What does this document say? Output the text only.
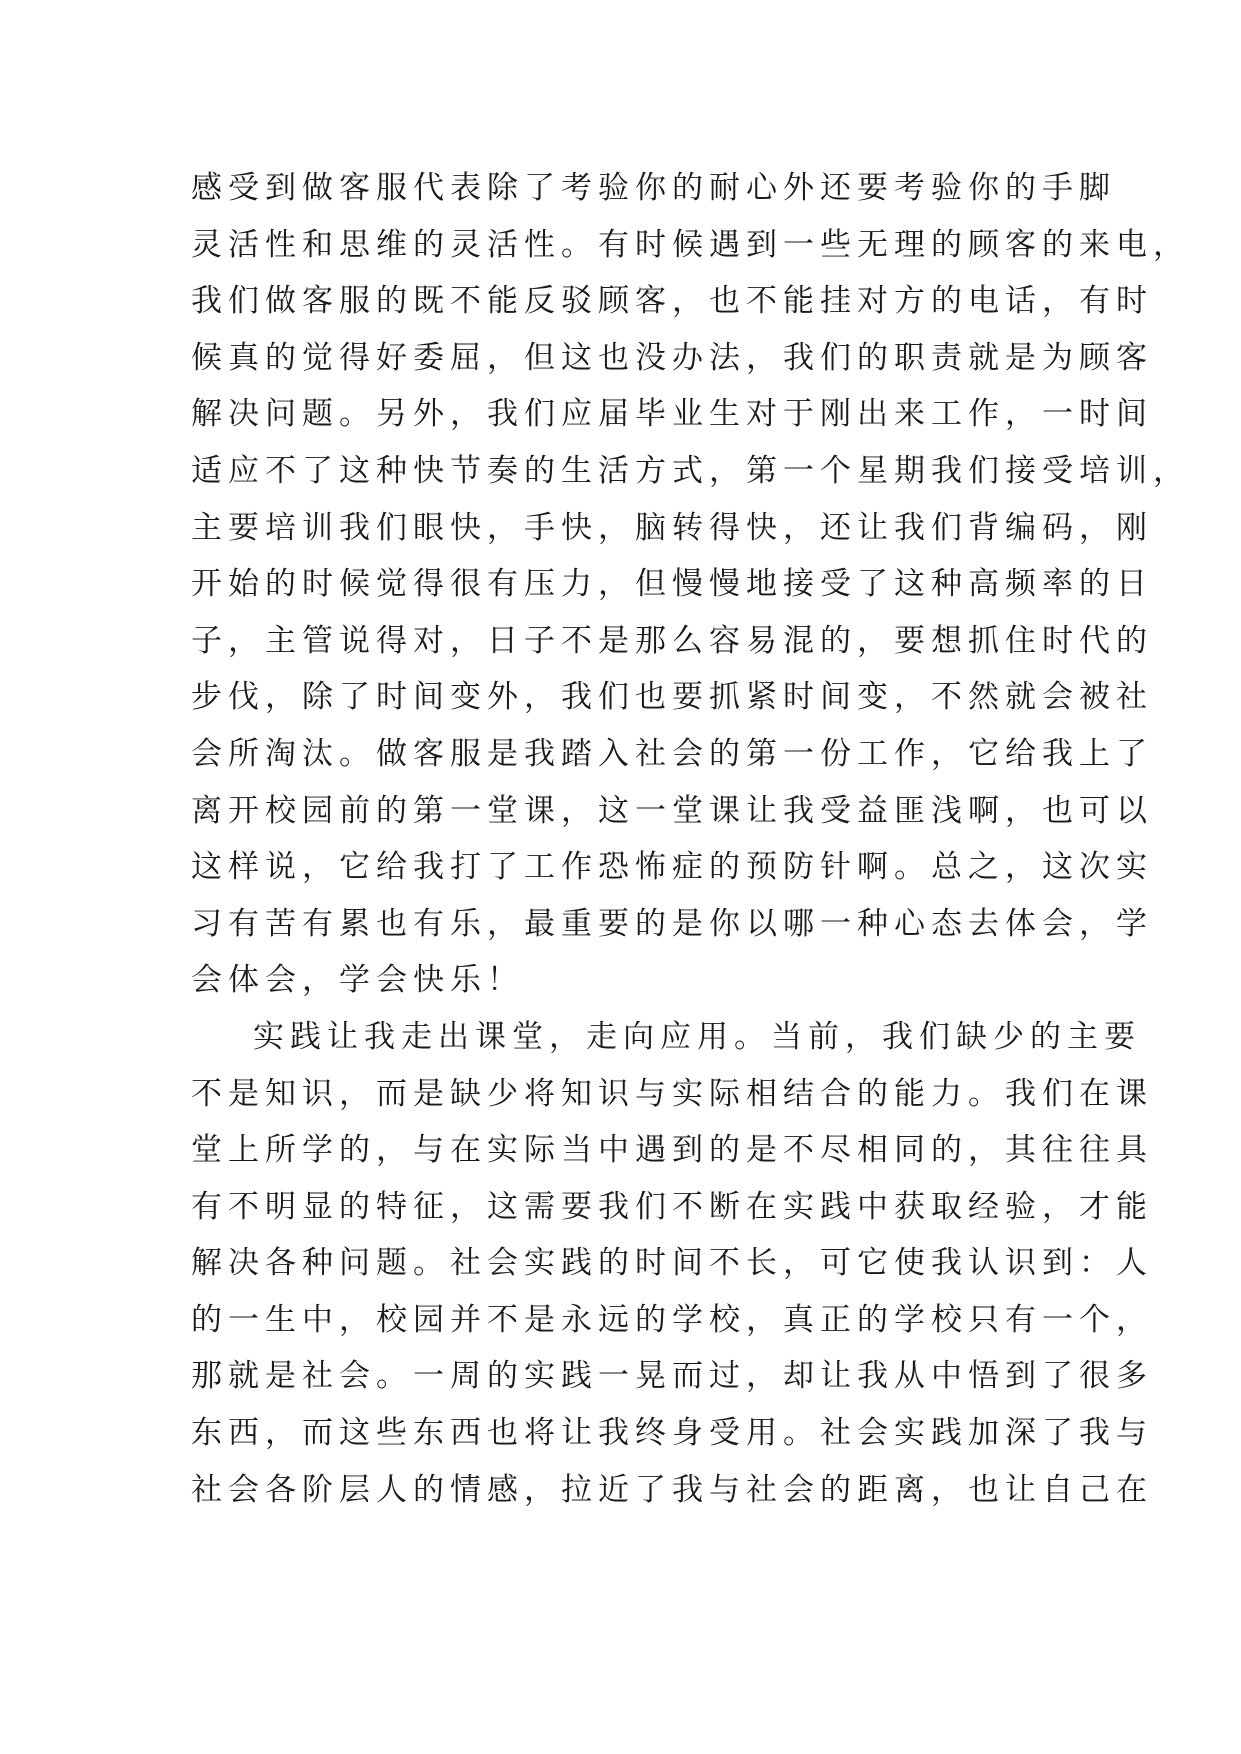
感受到做客服代表除了考验你的耐心外还要考验你的手脚
灵活性和思维的灵活性。有时候遇到一些无理的顾客的来电，
我们做客服的既不能反驳顾客，也不能挂对方的电话，有时
候真的觉得好委屈，但这也没办法，我们的职责就是为顾客
解决问题。另外，我们应届毕业生对于刚出来工作，一时间
适应不了这种快节奏的生活方式，第一个星期我们接受培训，
主要培训我们眼快，手快，脑转得快，还让我们背编码，刚
开始的时候觉得很有压力，但慢慢地接受了这种高频率的日
子，主管说得对，日子不是那么容易混的，要想抓住时代的
步伐，除了时间变外，我们也要抓紧时间变，不然就会被社
会所淘汰。做客服是我踏入社会的第一份工作，它给我上了
离开校园前的第一堂课，这一堂课让我受益匪浅啊，也可以
这样说，它给我打了工作恐怖症的预防针啊。总之，这次实
习有苦有累也有乐，最重要的是你以哪一种心态去体会，学
会体会，学会快乐！
实践让我走出课堂，走向应用。当前，我们缺少的主要
不是知识，而是缺少将知识与实际相结合的能力。我们在课
堂上所学的，与在实际当中遇到的是不尽相同的，其往往具
有不明显的特征，这需要我们不断在实践中获取经验，才能
解决各种问题。社会实践的时间不长，可它使我认识到：人
的一生中，校园并不是永远的学校，真正的学校只有一个，
那就是社会。一周的实践一晃而过，却让我从中悟到了很多
东西，而这些东西也将让我终身受用。社会实践加深了我与
社会各阶层人的情感，拉近了我与社会的距离，也让自己在
